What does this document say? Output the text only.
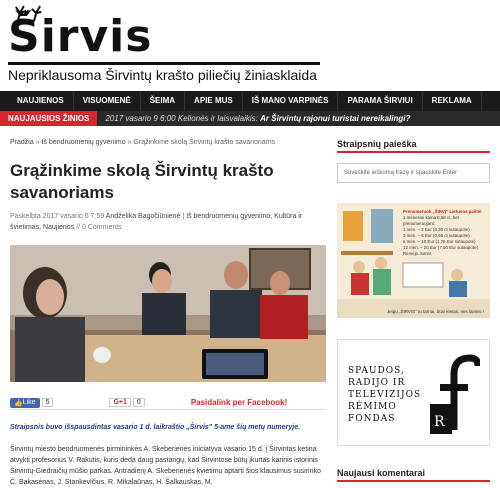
Širvis
Nepriklausoma Širvintų krašto piliečių žiniasklaida
NAUJIENOS	VISUOMENĖ	ŠEIMA	APIE MUS	IŠ MANO VARPINĖS	PARAMA ŠIRVIUI	REKLAMA
NAUJAUSIOS ŽINIOS	2017 vasario 9 6:00 Kelionės ir laisvalaikis: Ar Širvintų rajonui turistai nereikalingi?
Pradžia » Iš bendruomenių gyvenimo » Grąžinkime skolą Širvintų krašto savanoriams
Grąžinkime skolą Širvintų krašto savanoriams
Paskelbta 2017 vasario 6 7:59 Andželika Bagočiūnienė | Iš bendruomenių gyvenimo, Kultūra ir švietimas, Naujienos // 0 Comments
👍 Like	5	G+1	0	Pasidalink per Facebook!

Straipsnis buvo išspausdintas vasario 1 d. laikraštio „Širvis" 5-ame šių metų numeryje.

Širvintų miesto bendruomenės pirmininkės A. Skeberienės iniciatyva vasario 15 d. į Širvintas ketina atvykti profesorius V. Rakutis, kuris deda daug pastangų, kad Širvintose būtų įkurtas karinis istorinis Širvintų-Giedraičių mūšio parkas. Antradienį A. Skeberienės kvietimu aptarti šios klausimus susirinko Č. Bakasėnas, J. Stankevičius, R. Mikalaūnas, H. Šalkauskas, M.

Straipsnių paieška
Suveskite ieškomą frazę ir spauskite Enter
Prenumeruok „ŠIRVĮ" Lietuvos paštė!
1 mėnesiui kaina 0,58 ct, bet prenumeruojant:
1 mėn. – 2 Eur (0,30 ct sutaupote)
3 mėn. – 6 Eur (0,65 ct sutaupote)
6 mėn. – 10 Eur (1,75 Eur sutaupote)
12 mėn. – 20 Eur (7,50 Eur sutaupote)
Rėmėjo Jums!
Jeigu „ŠIRVIS" tu tarnai, būsi kietas, nes laimisi !
SPAUDOS,
RADIJO IR
TELEVIZIJOS
RĖMIMO
FONDAS	R
Naujausi komentarai
